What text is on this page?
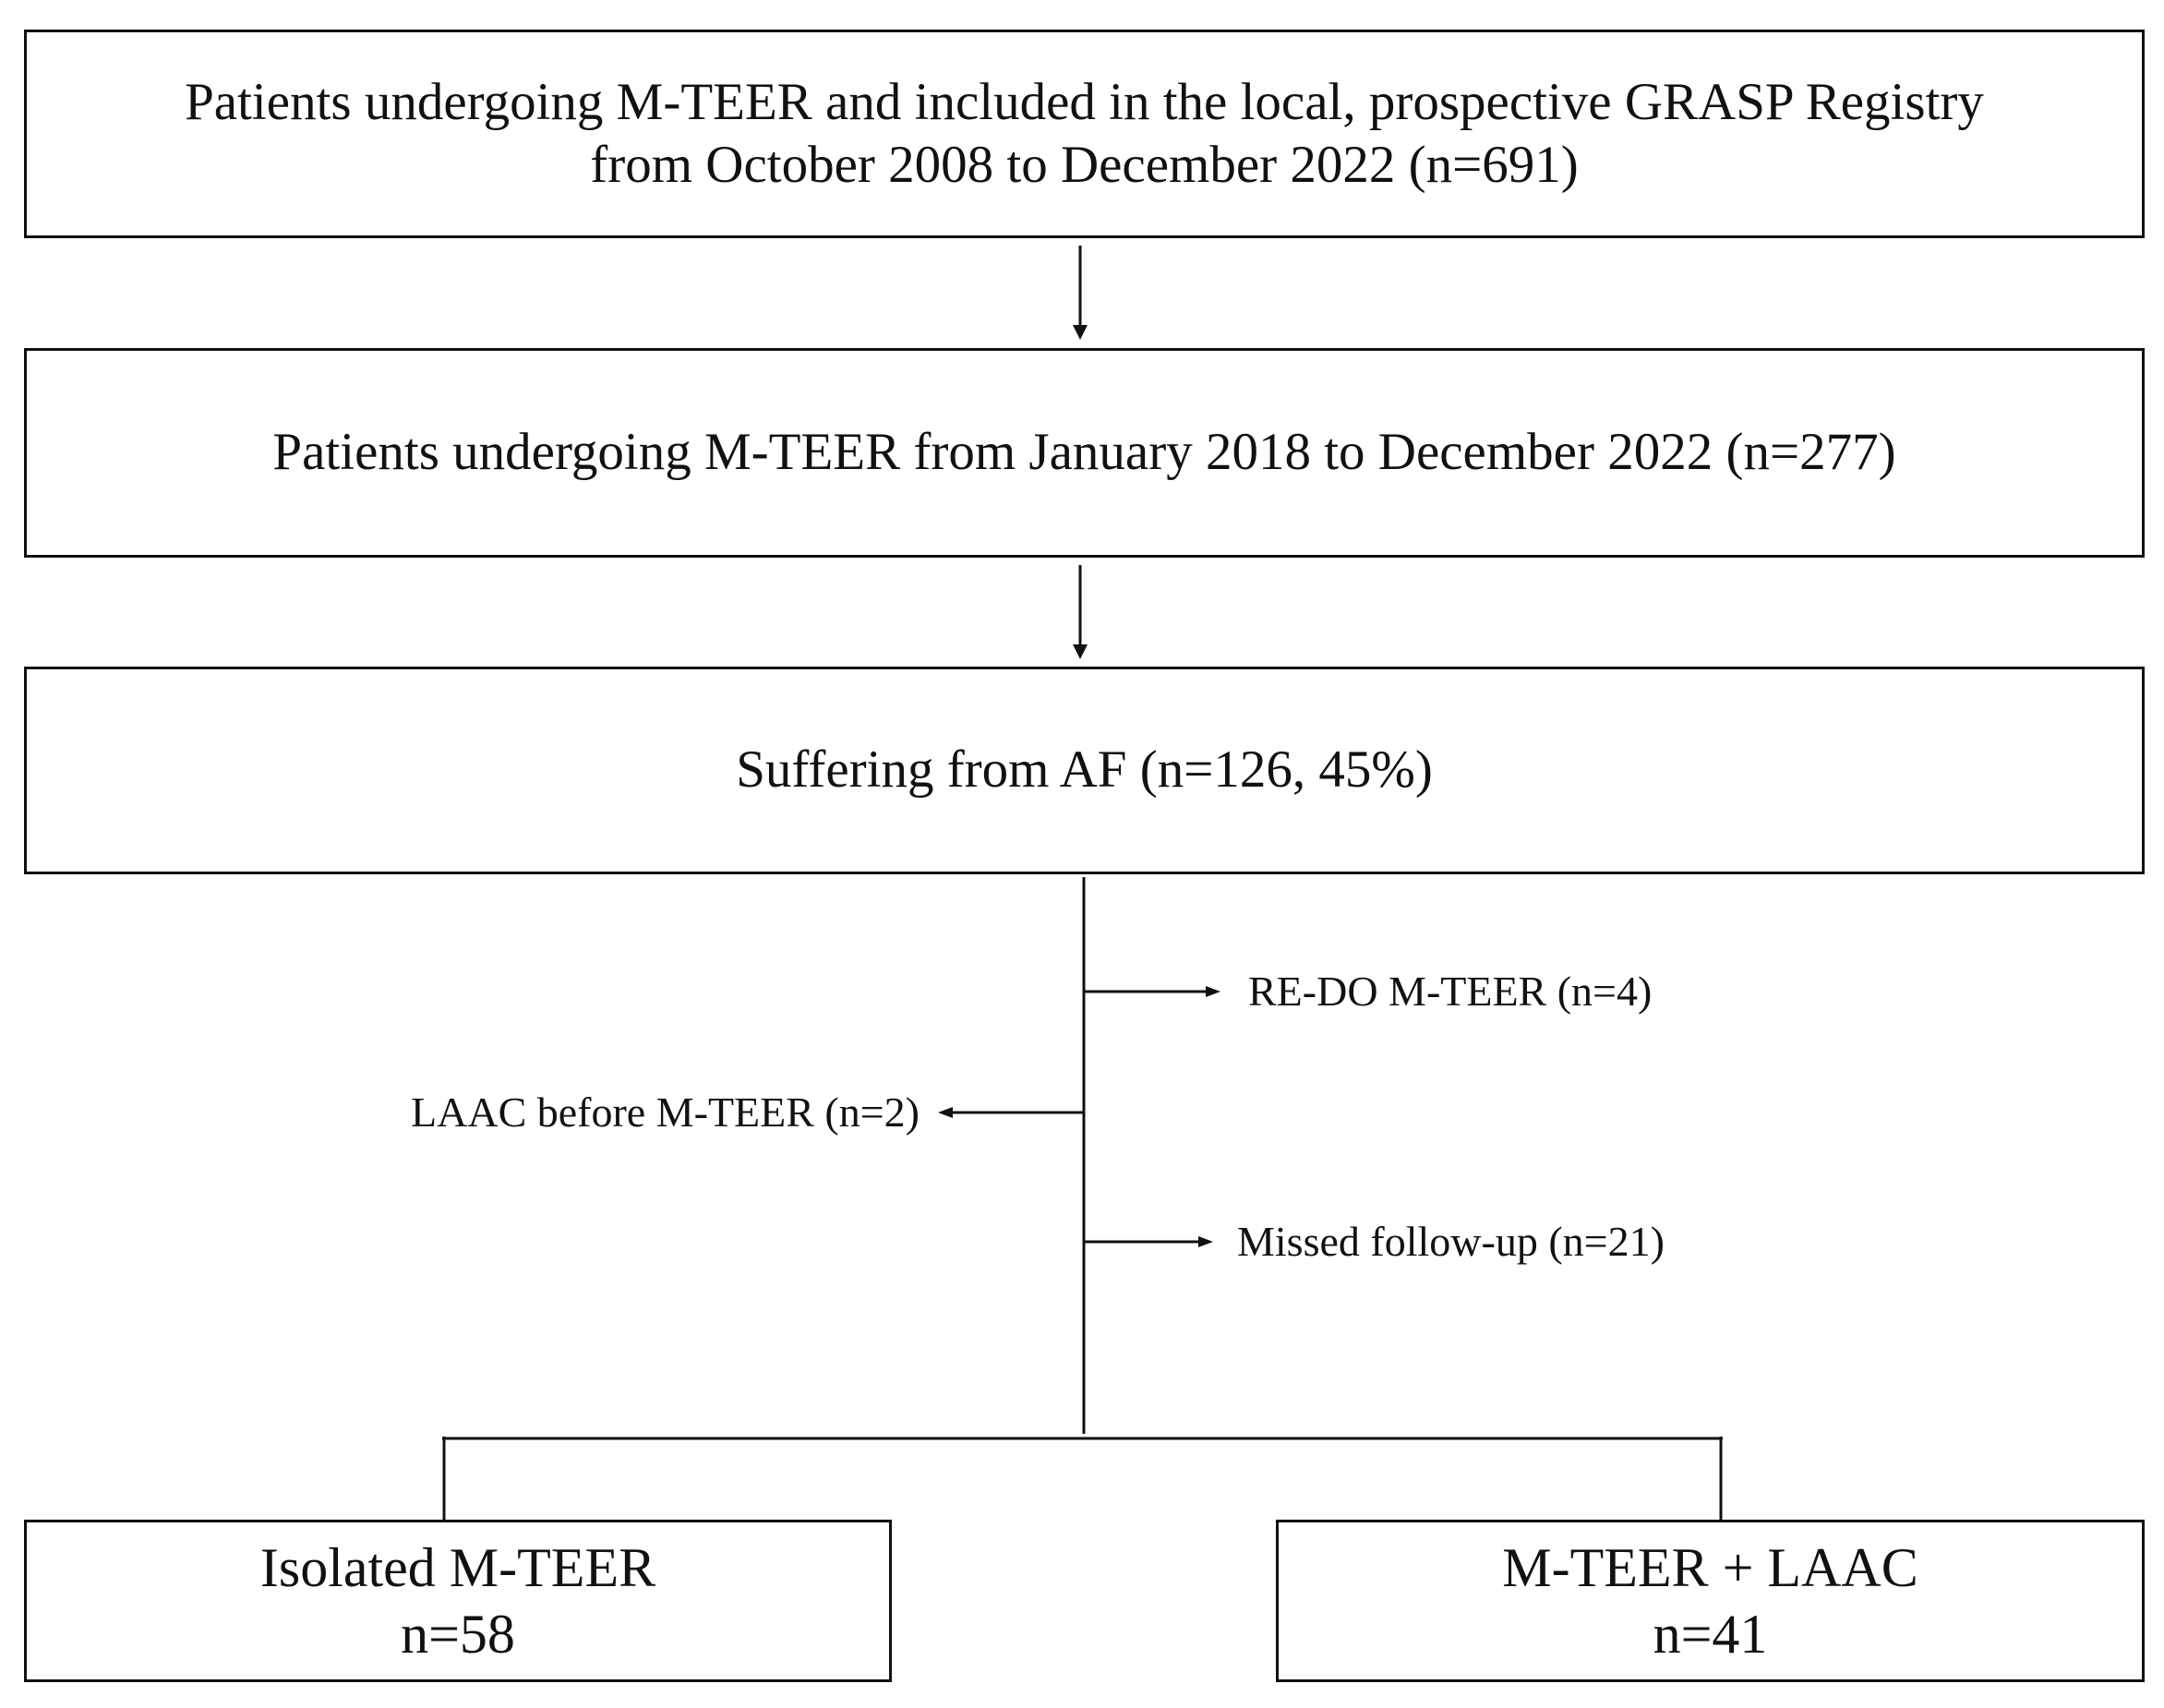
Patients undergoing M-TEER and included in the local, prospective GRASP Registry
from October 2008 to December 2022 (n=691)
Patients undergoing M-TEER from January 2018 to December 2022 (n=277)
Suffering from AF (n=126, 45%)
RE-DO M-TEER (n=4)
LAAC before M-TEER (n=2)
Missed follow-up (n=21)
Isolated M-TEER
n=58
M-TEER + LAAC
n=41
